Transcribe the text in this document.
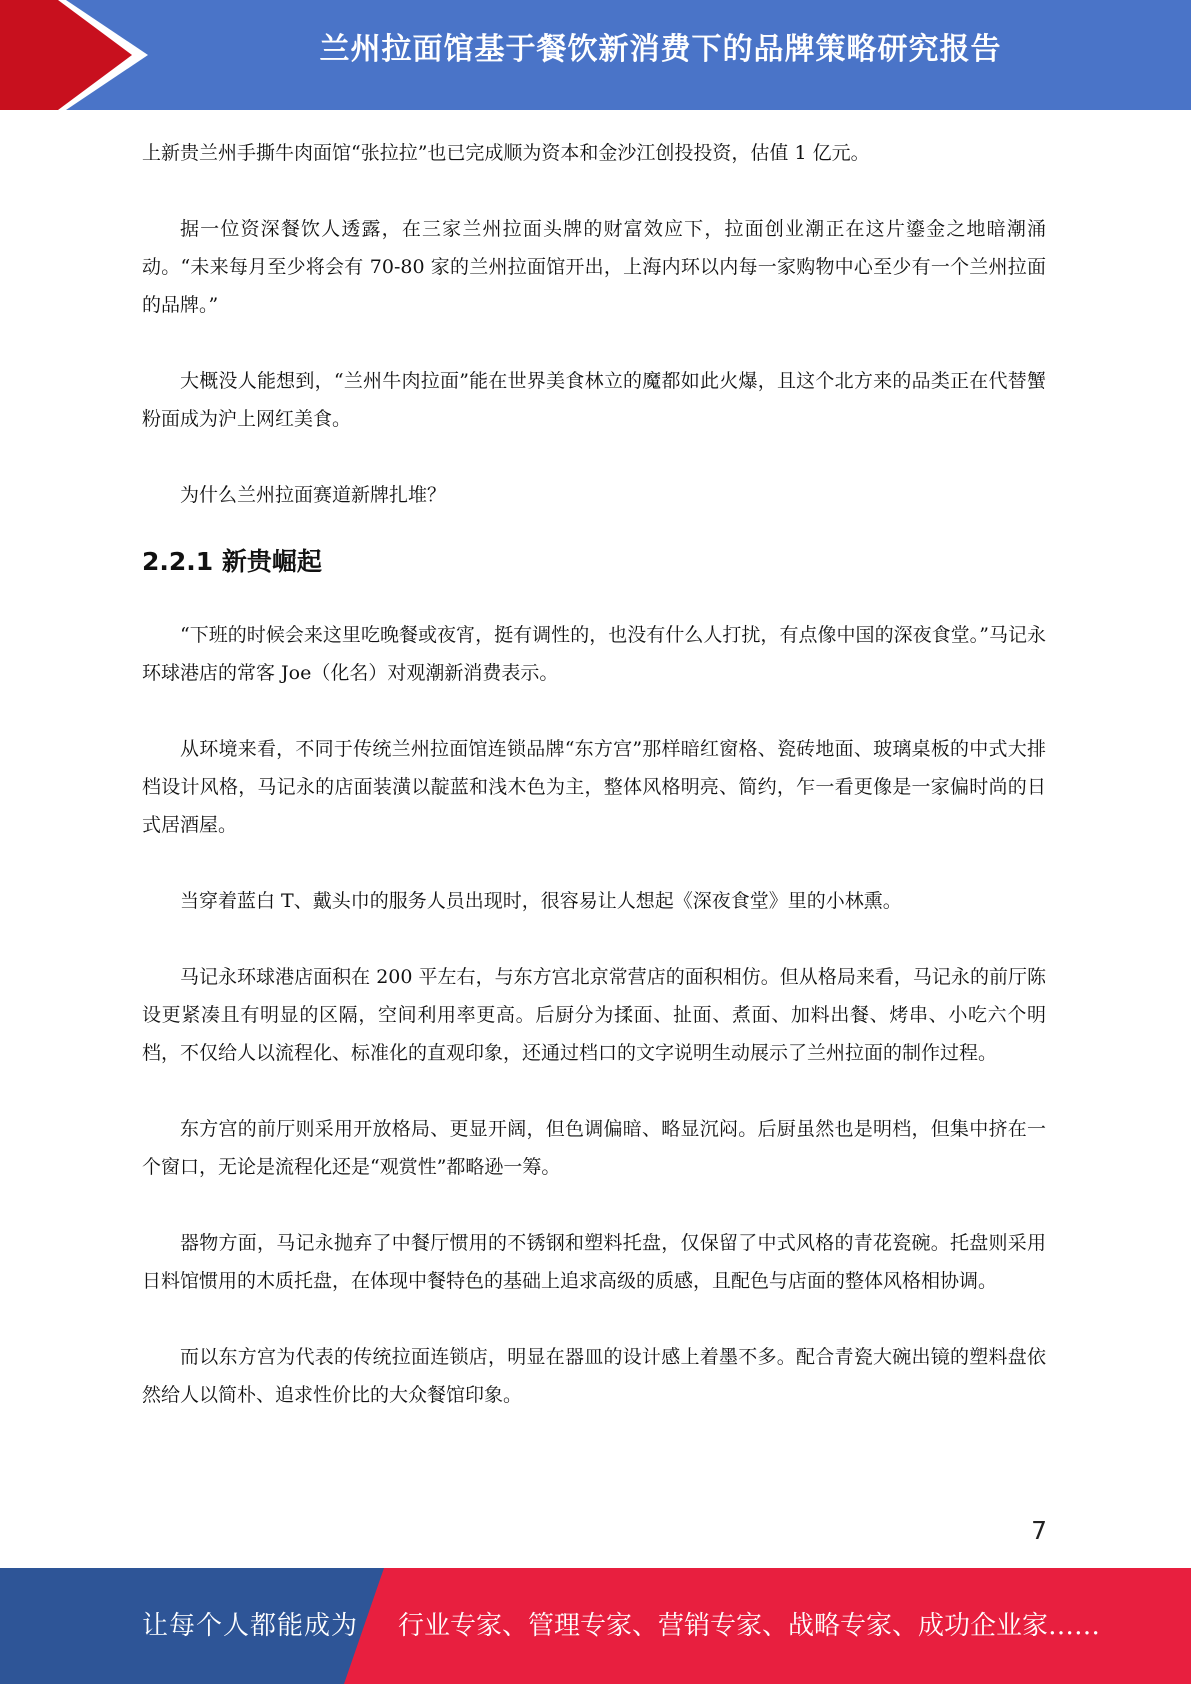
兰州拉面馆基于餐饮新消费下的品牌策略研究报告

上新贵兰州手撕牛肉面馆“张拉拉”也已完成顺为资本和金沙江创投投资，估值 1 亿元。

据一位资深餐饮人透露，在三家兰州拉面头牌的财富效应下，拉面创业潮正在这片鎏金之地暗潮涌动。“未来每月至少将会有 70-80 家的兰州拉面馆开出，上海内环以内每一家购物中心至少有一个兰州拉面的品牌。”

大概没人能想到，“兰州牛肉拉面”能在世界美食林立的魔都如此火爆，且这个北方来的品类正在代替蟹粉面成为沪上网红美食。

为什么兰州拉面赛道新牌扎堆？

2.2.1 新贵崛起

“下班的时候会来这里吃晚餐或夜宵，挺有调性的，也没有什么人打扰，有点像中国的深夜食堂。”马记永环球港店的常客 Joe（化名）对观潮新消费表示。

从环境来看，不同于传统兰州拉面馆连锁品牌“东方宫”那样暗红窗格、瓷砖地面、玻璃桌板的中式大排档设计风格，马记永的店面装潢以靛蓝和浅木色为主，整体风格明亮、简约，乍一看更像是一家偏时尚的日式居酒屋。

当穿着蓝白 T、戴头巾的服务人员出现时，很容易让人想起《深夜食堂》里的小林熏。

马记永环球港店面积在 200 平左右，与东方宫北京常营店的面积相仿。但从格局来看，马记永的前厅陈设更紧凑且有明显的区隔，空间利用率更高。后厨分为揉面、扯面、煮面、加料出餐、烤串、小吃六个明档，不仅给人以流程化、标准化的直观印象，还通过档口的文字说明生动展示了兰州拉面的制作过程。

东方宫的前厅则采用开放格局、更显开阔，但色调偏暗、略显沉闷。后厨虽然也是明档，但集中挤在一个窗口，无论是流程化还是“观赏性”都略逊一筹。

器物方面，马记永抛弃了中餐厅惯用的不锈钢和塑料托盘，仅保留了中式风格的青花瓷碗。托盘则采用日料馆惯用的木质托盘，在体现中餐特色的基础上追求高级的质感，且配色与店面的整体风格相协调。

而以东方宫为代表的传统拉面连锁店，明显在器皿的设计感上着墨不多。配合青瓷大碗出镜的塑料盘依然给人以简朴、追求性价比的大众餐馆印象。

7
让每个人都能成为 行业专家、管理专家、营销专家、战略专家、成功企业家……
